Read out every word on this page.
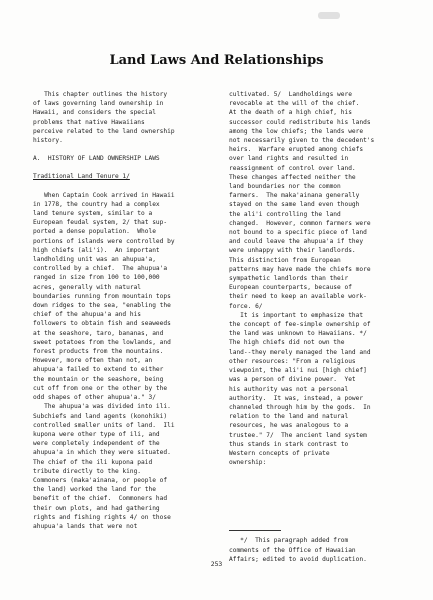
Land Laws And Relationships
This chapter outlines the history
of laws governing land ownership in
Hawaii, and considers the special
problems that native Hawaiians
perceive related to the land ownership
history.
A.  HISTORY OF LAND OWNERSHIP LAWS
Traditional Land Tenure 1/
When Captain Cook arrived in Hawaii
in 1778, the country had a complex
land tenure system, similar to a
European feudal system, 2/ that sup-
ported a dense population.  Whole
portions of islands were controlled by
high chiefs (ali'i).  An important
landholding unit was an ahupua'a,
controlled by a chief.  The ahupua'a
ranged in size from 100 to 100,000
acres, generally with natural
boundaries running from mountain tops
down ridges to the sea, "enabling the
chief of the ahupua'a and his
followers to obtain fish and seaweeds
at the seashore, taro, bananas, and
sweet potatoes from the lowlands, and
forest products from the mountains.
However, more often than not, an
ahupua'a failed to extend to either
the mountain or the seashore, being
cut off from one or the other by the
odd shapes of other ahupua'a." 3/
The ahupua'a was divided into ili.
Subchiefs and land agents (konohiki)
controlled smaller units of land.  Ili
kupona were other type of ili, and
were completely independent of the
ahupua'a in which they were situated.
The chief of the ili kupona paid
tribute directly to the king.
Commoners (maka'ainana, or people of
the land) worked the land for the
benefit of the chief.  Commoners had
their own plots, and had gathering
rights and fishing rights 4/ on those
ahupua'a lands that were not
cultivated. 5/  Landholdings were
revocable at the will of the chief.
At the death of a high chief, his
successor could redistribute his lands
among the low chiefs; the lands were
not necessarily given to the decedent's
heirs.  Warfare erupted among chiefs
over land rights and resulted in
reassignment of control over land.
These changes affected neither the
land boundaries nor the common
farmers.  The maka'ainana generally
stayed on the same land even though
the ali'i controlling the land
changed.  However, common farmers were
not bound to a specific piece of land
and could leave the ahupua'a if they
were unhappy with their landlords.
This distinction from European
patterns may have made the chiefs more
sympathetic landlords than their
European counterparts, because of
their need to keep an available work-
force. 6/
It is important to emphasize that
the concept of fee-simple ownership of
the land was unknown to Hawaiians. */
The high chiefs did not own the
land--they merely managed the land and
other resources: "From a religious
viewpoint, the ali'i nui [high chief]
was a person of divine power.  Yet
his authority was not a personal
authority.  It was, instead, a power
channeled through him by the gods.  In
relation to the land and natural
resources, he was analogous to a
trustee." 7/  The ancient land system
thus stands in stark contrast to
Western concepts of private
ownership:
*/  This paragraph added from
comments of the Office of Hawaiian
Affairs; edited to avoid duplication.
253
